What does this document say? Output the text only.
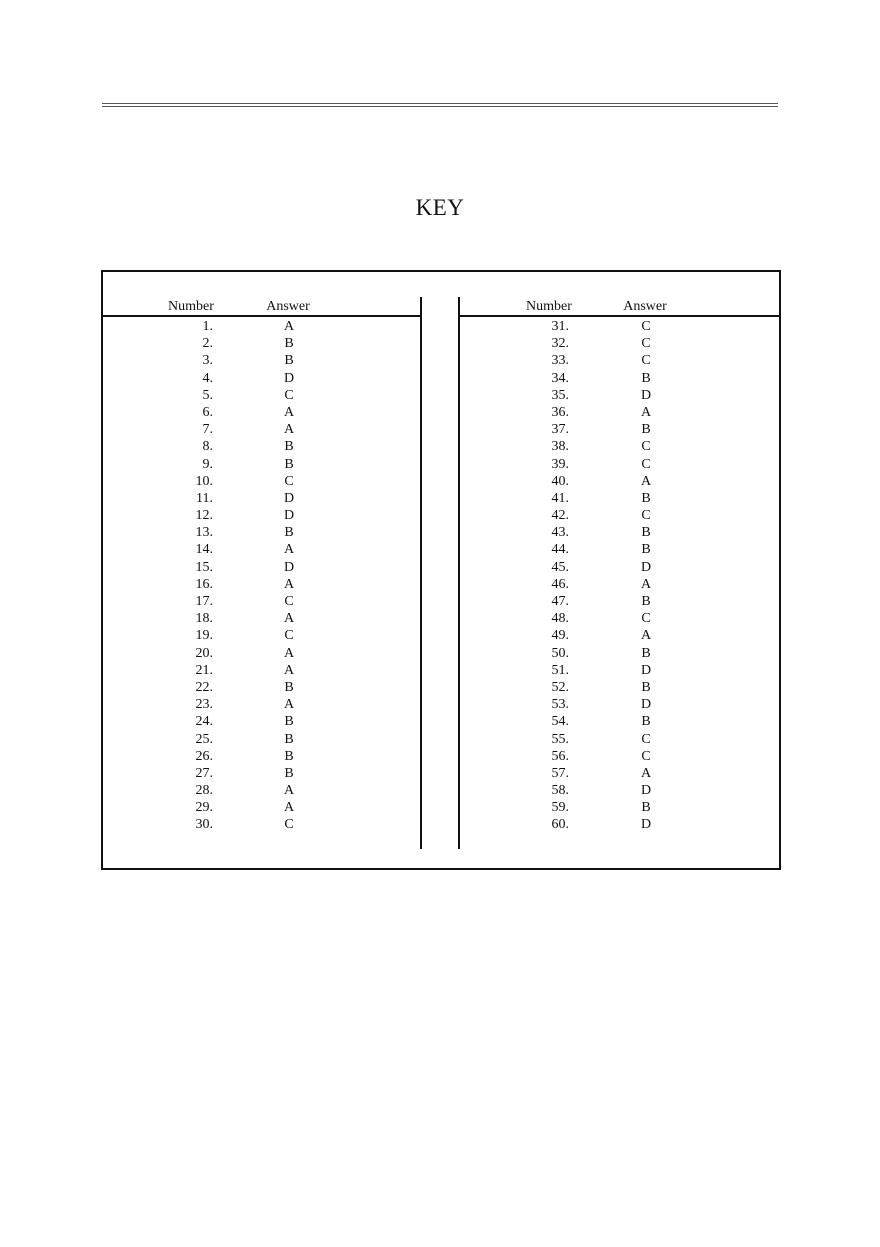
KEY
Number	Answer
1.	A
2.	B
3.	B
4.	D
5.	C
6.	A
7.	A
8.	B
9.	B
10.	C
11.	D
12.	D
13.	B
14.	A
15.	D
16.	A
17.	C
18.	A
19.	C
20.	A
21.	A
22.	B
23.	A
24.	B
25.	B
26.	B
27.	B
28.	A
29.	A
30.	C
Number	Answer
31.	C
32.	C
33.	C
34.	B
35.	D
36.	A
37.	B
38.	C
39.	C
40.	A
41.	B
42.	C
43.	B
44.	B
45.	D
46.	A
47.	B
48.	C
49.	A
50.	B
51.	D
52.	B
53.	D
54.	B
55.	C
56.	C
57.	A
58.	D
59.	B
60.	D
